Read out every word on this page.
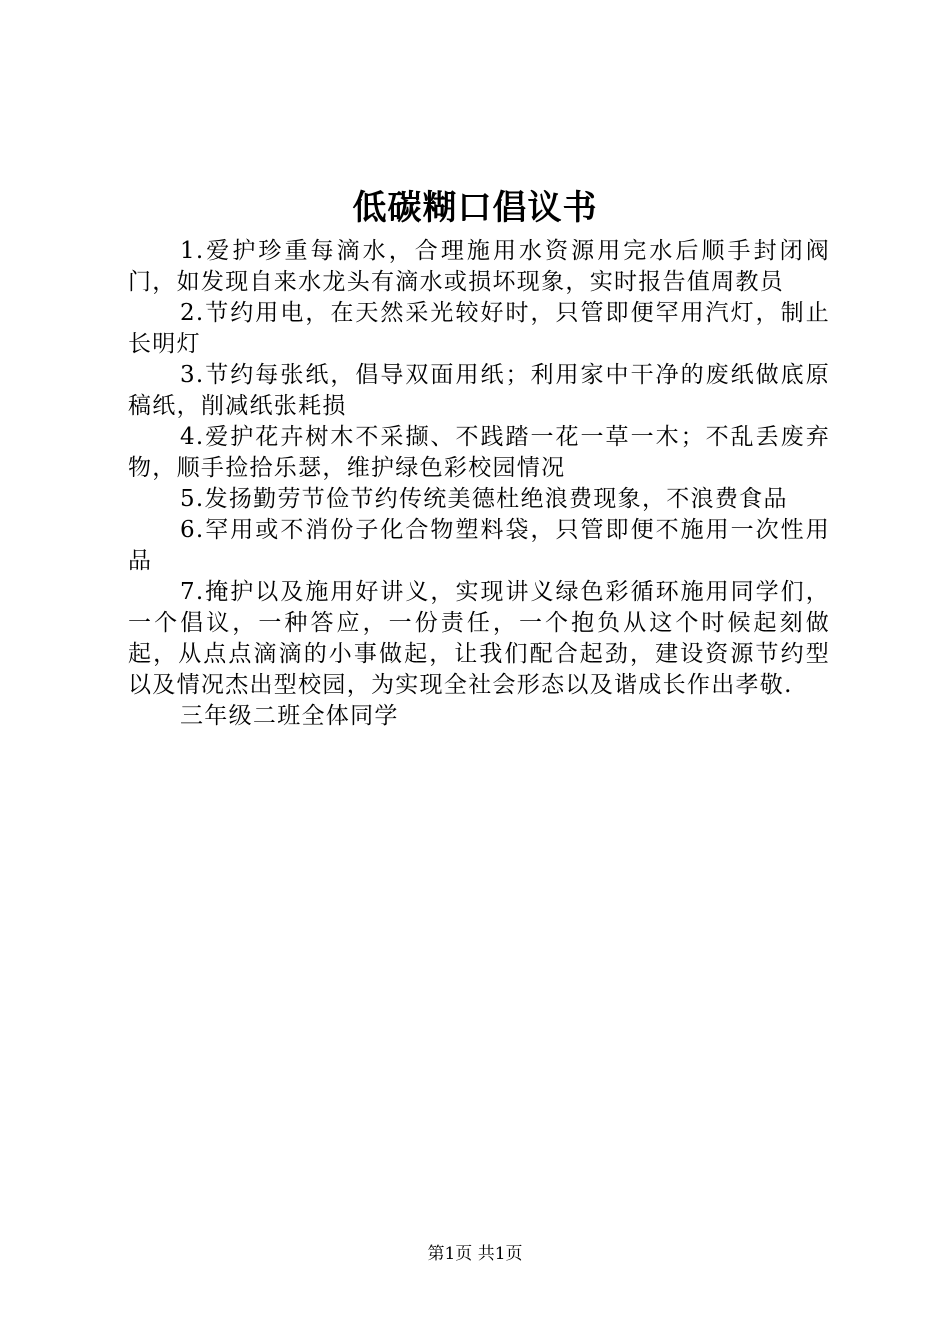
低碳糊口倡议书

1.爱护珍重每滴水，合理施用水资源用完水后顺手封闭阀门，如发现自来水龙头有滴水或损坏现象，实时报告值周教员

2.节约用电，在天然采光较好时，只管即便罕用汽灯，制止长明灯

3.节约每张纸，倡导双面用纸；利用家中干净的废纸做底原稿纸，削减纸张耗损

4.爱护花卉树木不采撷、不践踏一花一草一木；不乱丢废弃物，顺手捡拾乐瑟，维护绿色彩校园情况

5.发扬勤劳节俭节约传统美德杜绝浪费现象，不浪费食品

6.罕用或不消份子化合物塑料袋，只管即便不施用一次性用品

7.掩护以及施用好讲义，实现讲义绿色彩循环施用同学们，一个倡议，一种答应，一份责任，一个抱负从这个时候起刻做起，从点点滴滴的小事做起，让我们配合起劲，建设资源节约型以及情况杰出型校园，为实现全社会形态以及谐成长作出孝敬.

三年级二班全体同学

第1页 共1页
